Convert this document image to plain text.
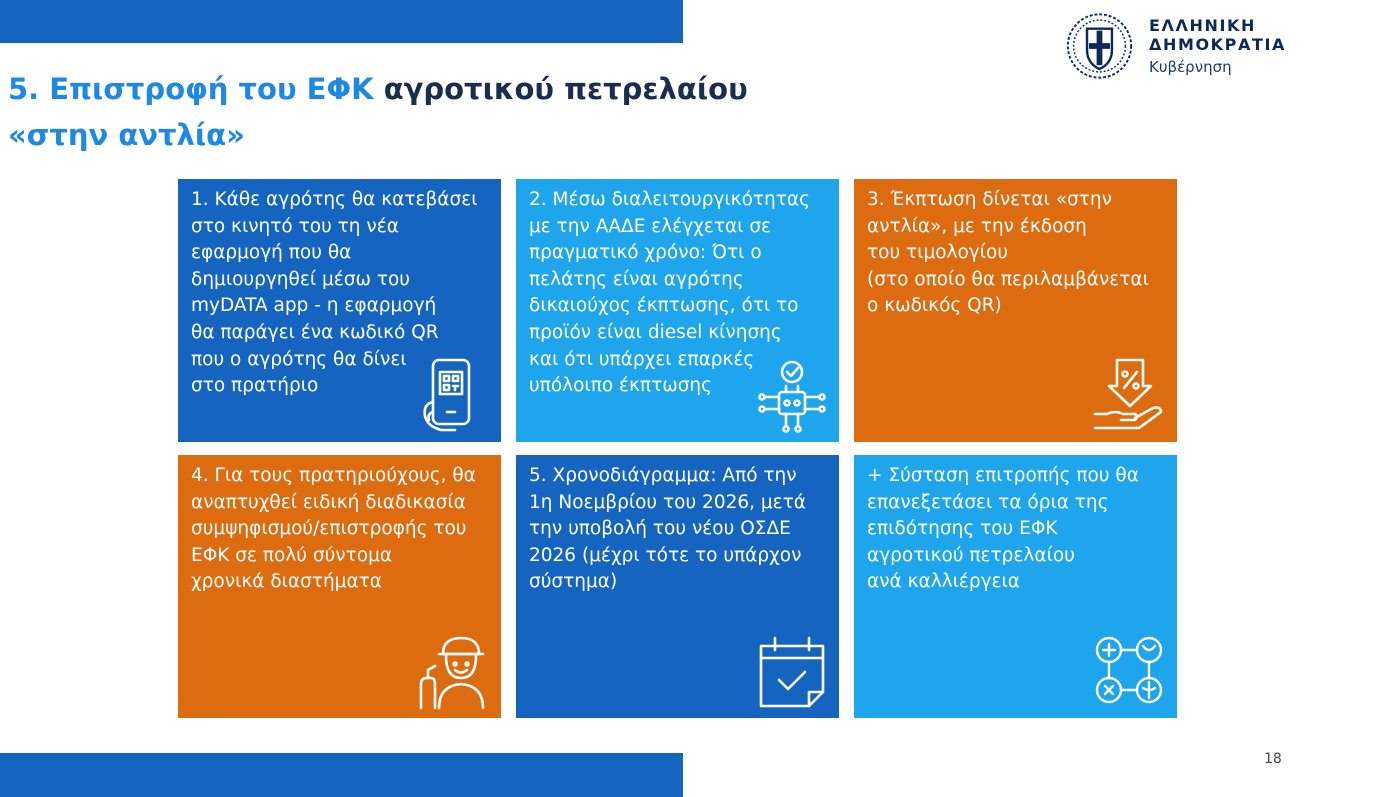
ΕΛΛΗΝΙΚΗ ΔΗΜΟΚΡΑΤΙΑ
Κυβέρνηση
5. Επιστροφή του ΕΦΚ αγροτικού πετρελαίου
«στην αντλία»
1. Κάθε αγρότης θα κατεβάσει
στο κινητό του τη νέα
εφαρμογή που θα
δημιουργηθεί μέσω του
myDATA app - η εφαρμογή
θα παράγει ένα κωδικό QR
που ο αγρότης θα δίνει
στο πρατήριο
2. Μέσω διαλειτουργικότητας
με την ΑΑΔΕ ελέγχεται σε
πραγματικό χρόνο: Ότι ο
πελάτης είναι αγρότης
δικαιούχος έκπτωσης, ότι το
προϊόν είναι diesel κίνησης
και ότι υπάρχει επαρκές
υπόλοιπο έκπτωσης
3. Έκπτωση δίνεται «στην
αντλία», με την έκδοση
του τιμολογίου
(στο οποίο θα περιλαμβάνεται
ο κωδικός QR)
4. Για τους πρατηριούχους, θα
αναπτυχθεί ειδική διαδικασία
συμψηφισμού/επιστροφής του
ΕΦΚ σε πολύ σύντομα
χρονικά διαστήματα
5. Χρονοδιάγραμμα: Από την
1η Νοεμβρίου του 2026, μετά
την υποβολή του νέου ΟΣΔΕ
2026 (μέχρι τότε το υπάρχον
σύστημα)
+ Σύσταση επιτροπής που θα
επανεξετάσει τα όρια της
επιδότησης του ΕΦΚ
αγροτικού πετρελαίου
ανά καλλιέργεια
18
